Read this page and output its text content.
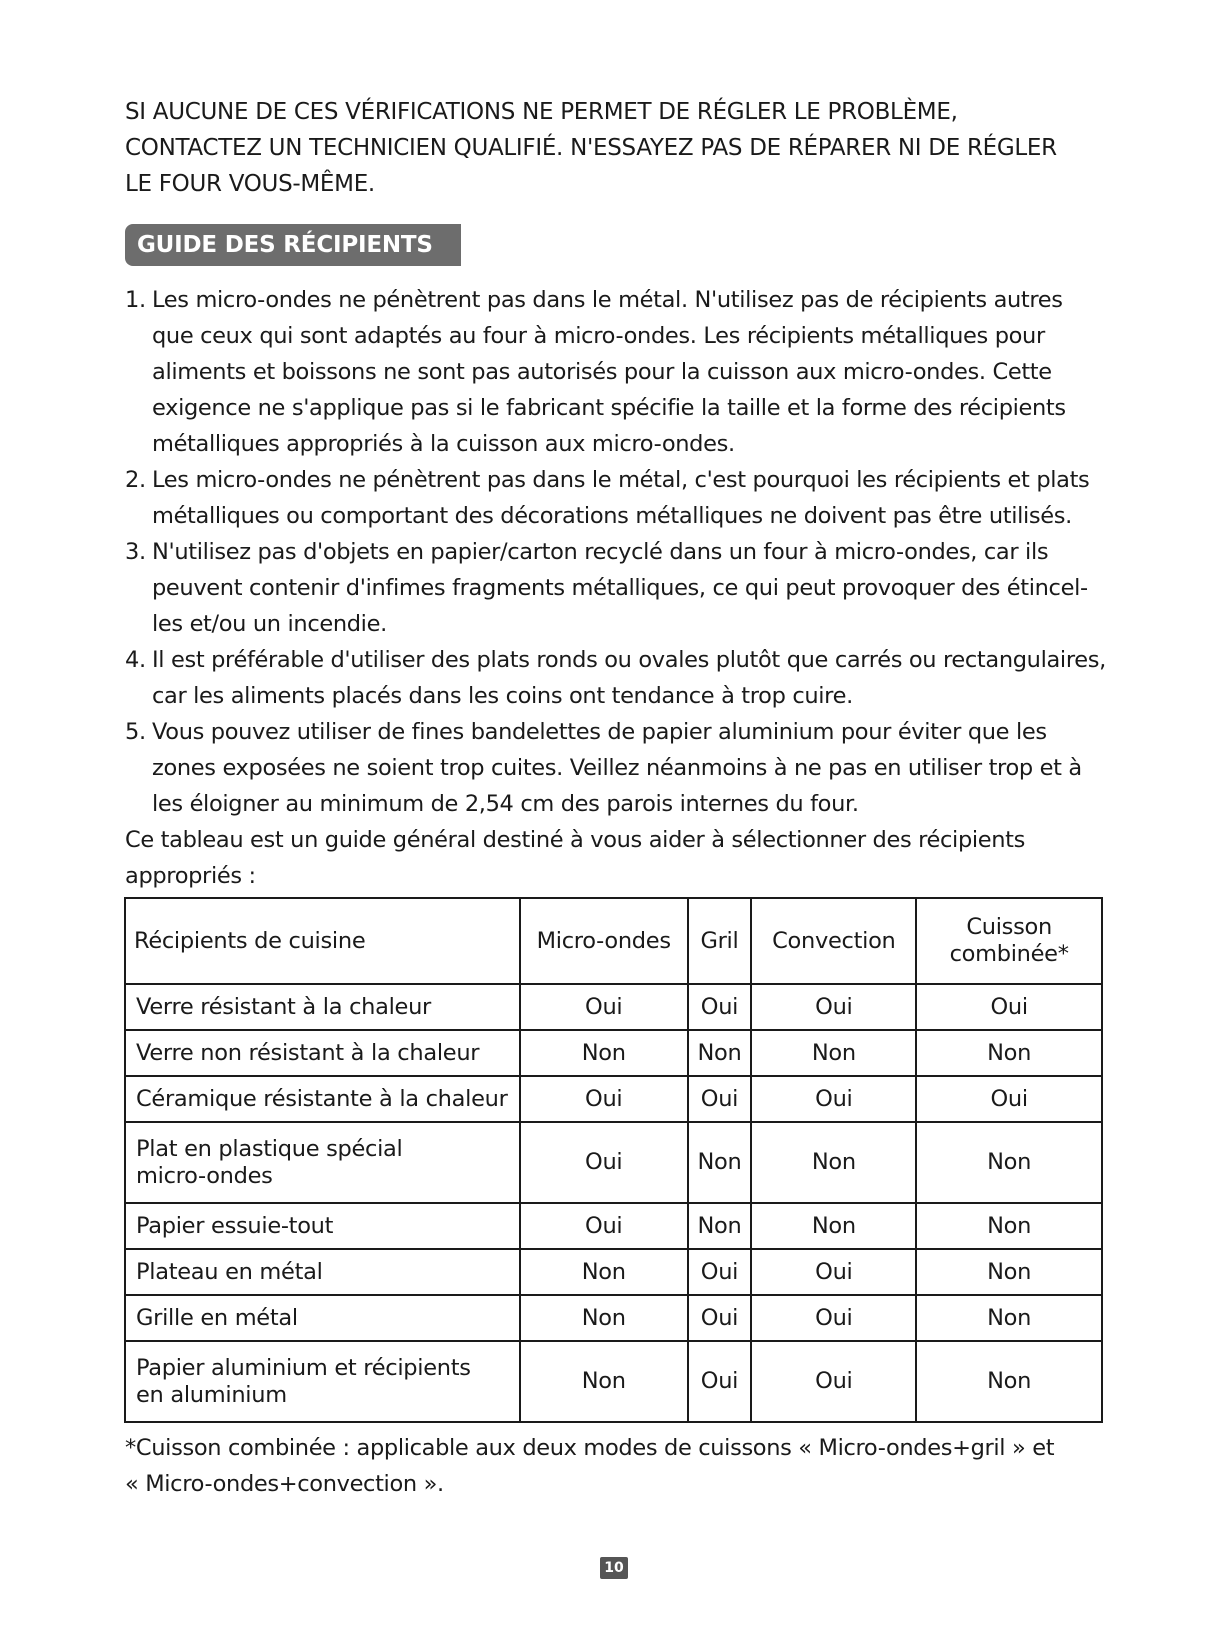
SI AUCUNE DE CES VÉRIFICATIONS NE PERMET DE RÉGLER LE PROBLÈME,
CONTACTEZ UN TECHNICIEN QUALIFIÉ. N'ESSAYEZ PAS DE RÉPARER NI DE RÉGLER
LE FOUR VOUS-MÊME.
GUIDE DES RÉCIPIENTS
1. Les micro-ondes ne pénètrent pas dans le métal. N'utilisez pas de récipients autres
que ceux qui sont adaptés au four à micro-ondes. Les récipients métalliques pour
aliments et boissons ne sont pas autorisés pour la cuisson aux micro-ondes. Cette
exigence ne s'applique pas si le fabricant spécifie la taille et la forme des récipients
métalliques appropriés à la cuisson aux micro-ondes.
2. Les micro-ondes ne pénètrent pas dans le métal, c'est pourquoi les récipients et plats
métalliques ou comportant des décorations métalliques ne doivent pas être utilisés.
3. N'utilisez pas d'objets en papier/carton recyclé dans un four à micro-ondes, car ils
peuvent contenir d'infimes fragments métalliques, ce qui peut provoquer des étincel-
les et/ou un incendie.
4. Il est préférable d'utiliser des plats ronds ou ovales plutôt que carrés ou rectangulaires,
car les aliments placés dans les coins ont tendance à trop cuire.
5. Vous pouvez utiliser de fines bandelettes de papier aluminium pour éviter que les
zones exposées ne soient trop cuites. Veillez néanmoins à ne pas en utiliser trop et à
les éloigner au minimum de 2,54 cm des parois internes du four.
Ce tableau est un guide général destiné à vous aider à sélectionner des récipients
appropriés :
Récipients de cuisine	Micro-ondes	Gril	Convection	Cuisson
combinée*

Verre résistant à la chaleur	Oui	Oui	Oui	Oui
Verre non résistant à la chaleur	Non	Non	Non	Non
Céramique résistante à la chaleur	Oui	Oui	Oui	Oui

Plat en plastique spécial
micro-ondes	Oui	Non	Non	Non
Papier essuie-tout	Oui	Non	Non	Non
Plateau en métal	Non	Oui	Oui	Non
Grille en métal	Non	Oui	Oui	Non

Papier aluminium et récipients
en aluminium	Non	Oui	Oui	Non
*Cuisson combinée : applicable aux deux modes de cuissons « Micro-ondes+gril » et
« Micro-ondes+convection ».
10
